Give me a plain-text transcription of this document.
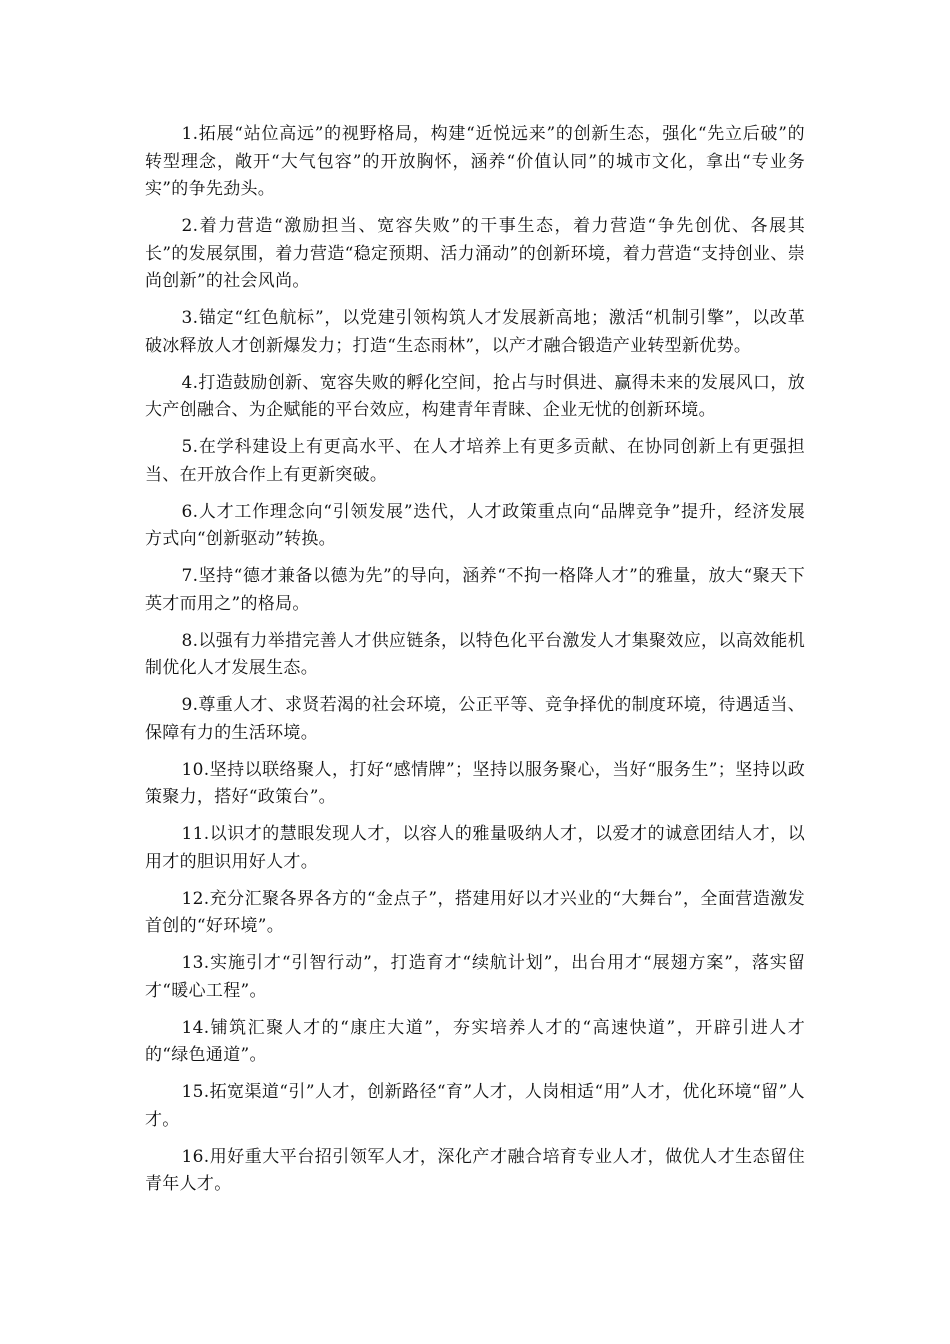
1.拓展“站位高远”的视野格局，构建“近悦远来”的创新生态，强化“先立后破”的转型理念，敞开“大气包容”的开放胸怀，涵养“价值认同”的城市文化，拿出“专业务实”的争先劲头。

2.着力营造“激励担当、宽容失败”的干事生态，着力营造“争先创优、各展其长”的发展氛围，着力营造“稳定预期、活力涌动”的创新环境，着力营造“支持创业、崇尚创新”的社会风尚。

3.锚定“红色航标”，以党建引领构筑人才发展新高地；激活“机制引擎”，以改革破冰释放人才创新爆发力；打造“生态雨林”，以产才融合锻造产业转型新优势。

4.打造鼓励创新、宽容失败的孵化空间，抢占与时俱进、赢得未来的发展风口，放大产创融合、为企赋能的平台效应，构建青年青睐、企业无忧的创新环境。

5.在学科建设上有更高水平、在人才培养上有更多贡献、在协同创新上有更强担当、在开放合作上有更新突破。

6.人才工作理念向“引领发展”迭代，人才政策重点向“品牌竞争”提升，经济发展方式向“创新驱动”转换。

7.坚持“德才兼备以德为先”的导向，涵养“不拘一格降人才”的雅量，放大“聚天下英才而用之”的格局。

8.以强有力举措完善人才供应链条，以特色化平台激发人才集聚效应，以高效能机制优化人才发展生态。

9.尊重人才、求贤若渴的社会环境，公正平等、竞争择优的制度环境，待遇适当、保障有力的生活环境。

10.坚持以联络聚人，打好“感情牌”；坚持以服务聚心，当好“服务生”；坚持以政策聚力，搭好“政策台”。

11.以识才的慧眼发现人才，以容人的雅量吸纳人才，以爱才的诚意团结人才，以用才的胆识用好人才。

12.充分汇聚各界各方的“金点子”，搭建用好以才兴业的“大舞台”，全面营造激发首创的“好环境”。

13.实施引才“引智行动”，打造育才“续航计划”，出台用才“展翅方案”，落实留才“暖心工程”。

14.铺筑汇聚人才的“康庄大道”，夯实培养人才的“高速快道”，开辟引进人才的“绿色通道”。

15.拓宽渠道“引”人才，创新路径“育”人才，人岗相适“用”人才，优化环境“留”人才。

16.用好重大平台招引领军人才，深化产才融合培育专业人才，做优人才生态留住青年人才。
